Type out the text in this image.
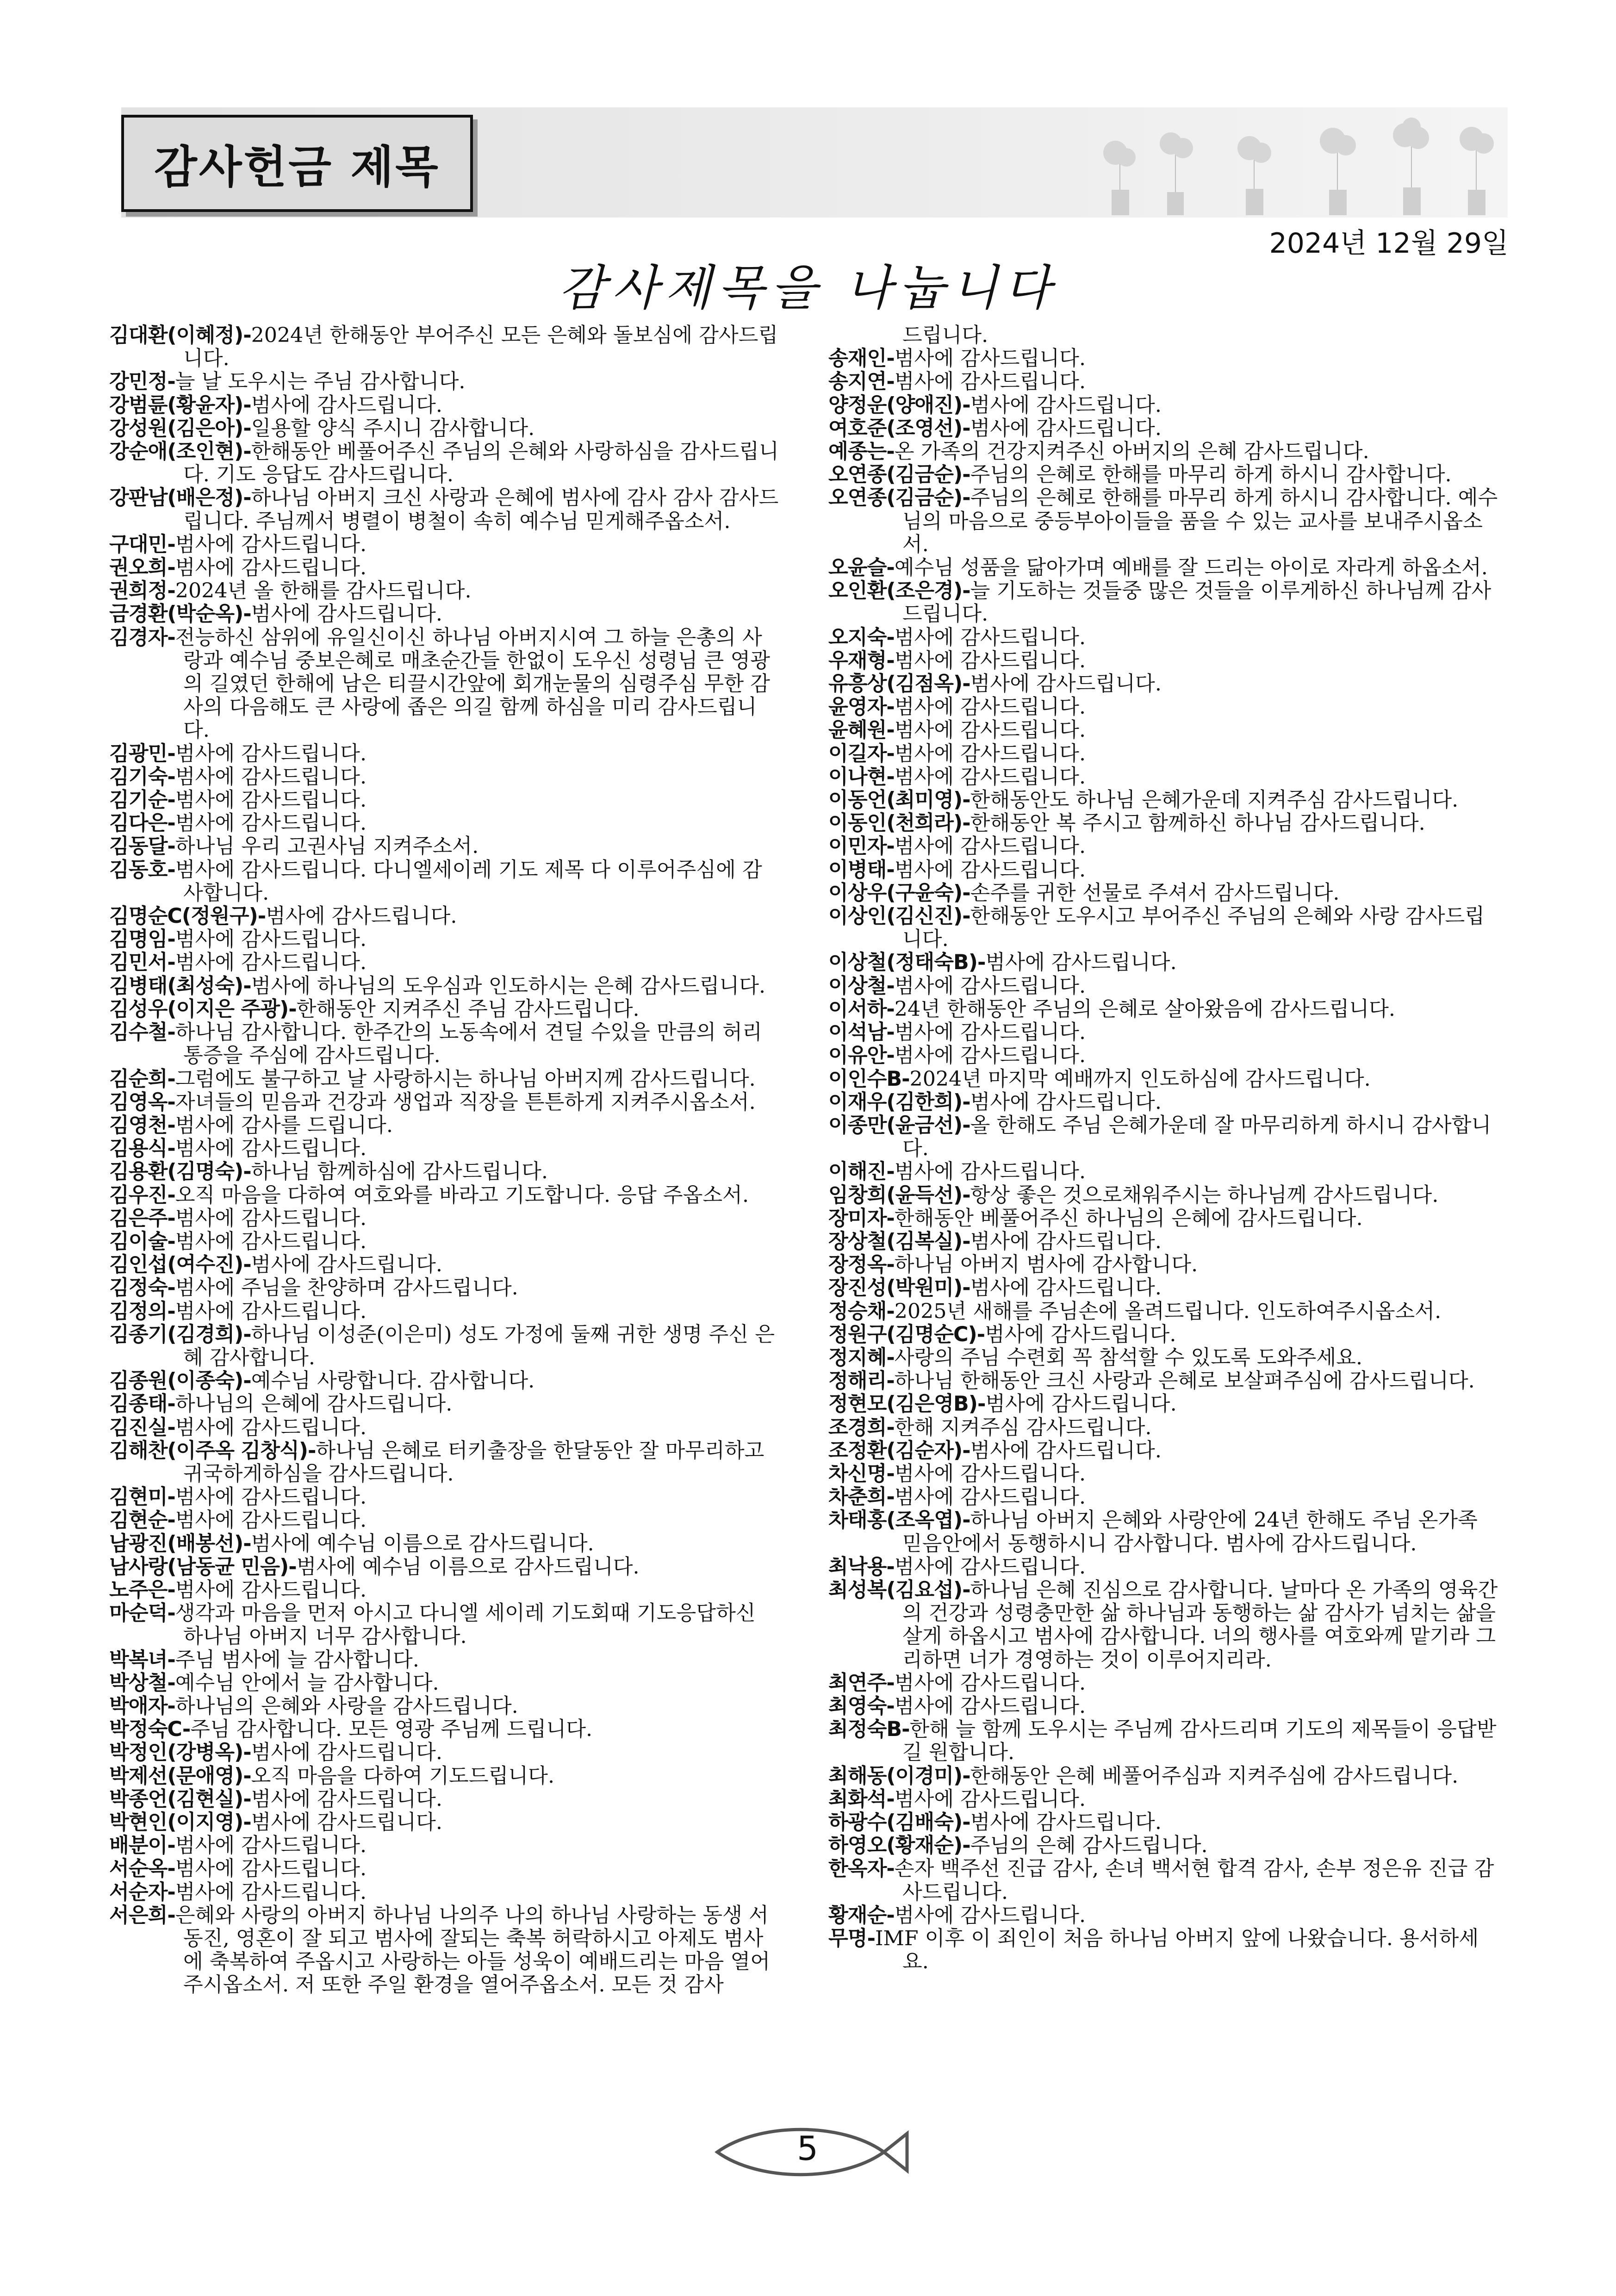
감사헌금 제목
2024년 12월 29일
감사제목을 나눕니다
김대환(이혜정)-2024년 한해동안 부어주신 모든 은혜와 돌보심에 감사드립니다.
강민정-늘 날 도우시는 주님 감사합니다.
강범륜(황윤자)-범사에 감사드립니다.
강성원(김은아)-일용할 양식 주시니 감사합니다.
강순애(조인현)-한해동안 베풀어주신 주님의 은혜와 사랑하심을 감사드립니다. 기도 응답도 감사드립니다.
강판남(배은정)-하나님 아버지 크신 사랑과 은혜에 범사에 감사 감사 감사드립니다. 주님께서 병렬이 병철이 속히 예수님 믿게해주옵소서.
구대민-범사에 감사드립니다.
권오희-범사에 감사드립니다.
권희정-2024년 올 한해를 감사드립니다.
금경환(박순옥)-범사에 감사드립니다.
김경자-전능하신 삼위에 유일신이신 하나님 아버지시여 그 하늘 은총의 사랑과 예수님 중보은혜로 매초순간들 한없이 도우신 성령님 큰 영광의 길였던 한해에 남은 티끌시간앞에 회개눈물의 심령주심 무한 감사의 다음해도 큰 사랑에 좁은 의길 함께 하심을 미리 감사드립니다.
김광민-범사에 감사드립니다.
김기숙-범사에 감사드립니다.
김기순-범사에 감사드립니다.
김다은-범사에 감사드립니다.
김동달-하나님 우리 고권사님 지켜주소서.
김동호-범사에 감사드립니다. 다니엘세이레 기도 제목 다 이루어주심에 감사합니다.
김명순C(정원구)-범사에 감사드립니다.
김명임-범사에 감사드립니다.
김민서-범사에 감사드립니다.
김병태(최성숙)-범사에 하나님의 도우심과 인도하시는 은혜 감사드립니다.
김성우(이지은 주광)-한해동안 지켜주신 주님 감사드립니다.
김수철-하나님 감사합니다. 한주간의 노동속에서 견딜 수있을 만큼의 허리 통증을 주심에 감사드립니다.
김순희-그럼에도 불구하고 날 사랑하시는 하나님 아버지께 감사드립니다.
김영옥-자녀들의 믿음과 건강과 생업과 직장을 튼튼하게 지켜주시옵소서.
김영천-범사에 감사를 드립니다.
김용식-범사에 감사드립니다.
김용환(김명숙)-하나님 함께하심에 감사드립니다.
김우진-오직 마음을 다하여 여호와를 바라고 기도합니다. 응답 주옵소서.
김은주-범사에 감사드립니다.
김이술-범사에 감사드립니다.
김인섭(여수진)-범사에 감사드립니다.
김정숙-범사에 주님을 찬양하며 감사드립니다.
김정의-범사에 감사드립니다.
김종기(김경희)-하나님 이성준(이은미) 성도 가정에 둘째 귀한 생명 주신 은혜 감사합니다.
김종원(이종숙)-예수님 사랑합니다. 감사합니다.
김종태-하나님의 은혜에 감사드립니다.
김진실-범사에 감사드립니다.
김해찬(이주옥 김창식)-하나님 은혜로 터키출장을 한달동안 잘 마무리하고 귀국하게하심을 감사드립니다.
김현미-범사에 감사드립니다.
김현순-범사에 감사드립니다.
남광진(배봉선)-범사에 예수님 이름으로 감사드립니다.
남사랑(남동균 민음)-범사에 예수님 이름으로 감사드립니다.
노주은-범사에 감사드립니다.
마순덕-생각과 마음을 먼저 아시고 다니엘 세이레 기도회때 기도응답하신 하나님 아버지 너무 감사합니다.
박복녀-주님 범사에 늘 감사합니다.
박상철-예수님 안에서 늘 감사합니다.
박애자-하나님의 은혜와 사랑을 감사드립니다.
박정숙C-주님 감사합니다. 모든 영광 주님께 드립니다.
박정인(강병옥)-범사에 감사드립니다.
박제선(문애영)-오직 마음을 다하여 기도드립니다.
박종언(김현실)-범사에 감사드립니다.
박현인(이지영)-범사에 감사드립니다.
배분이-범사에 감사드립니다.
서순옥-범사에 감사드립니다.
서순자-범사에 감사드립니다.
서은희-은혜와 사랑의 아버지 하나님 나의주 나의 하나님 사랑하는 동생 서동진, 영혼이 잘 되고 범사에 잘되는 축복 허락하시고 아제도 범사에 축복하여 주옵시고 사랑하는 아들 성욱이 예배드리는 마음 열어주시옵소서. 저 또한 주일 환경을 열어주옵소서. 모든 것 감사
드립니다.
송재인-범사에 감사드립니다.
송지연-범사에 감사드립니다.
양정운(양애진)-범사에 감사드립니다.
여호준(조영선)-범사에 감사드립니다.
예종는-온 가족의 건강지켜주신 아버지의 은혜 감사드립니다.
오연종(김금순)-주님의 은혜로 한해를 마무리 하게 하시니 감사합니다.
오연종(김금순)-주님의 은혜로 한해를 마무리 하게 하시니 감사합니다. 예수님의 마음으로 중등부아이들을 품을 수 있는 교사를 보내주시옵소서.
오윤슬-예수님 성품을 닮아가며 예배를 잘 드리는 아이로 자라게 하옵소서.
오인환(조은경)-늘 기도하는 것들중 많은 것들을 이루게하신 하나님께 감사드립니다.
오지숙-범사에 감사드립니다.
우재형-범사에 감사드립니다.
유흥상(김점옥)-범사에 감사드립니다.
윤영자-범사에 감사드립니다.
윤혜원-범사에 감사드립니다.
이길자-범사에 감사드립니다.
이나현-범사에 감사드립니다.
이동언(최미영)-한해동안도 하나님 은혜가운데 지켜주심 감사드립니다.
이동인(천희라)-한해동안 복 주시고 함께하신 하나님 감사드립니다.
이민자-범사에 감사드립니다.
이병태-범사에 감사드립니다.
이상우(구윤숙)-손주를 귀한 선물로 주셔서 감사드립니다.
이상인(김신진)-한해동안 도우시고 부어주신 주님의 은혜와 사랑 감사드립니다.
이상철(정태숙B)-범사에 감사드립니다.
이상철-범사에 감사드립니다.
이서하-24년 한해동안 주님의 은혜로 살아왔음에 감사드립니다.
이석남-범사에 감사드립니다.
이유안-범사에 감사드립니다.
이인수B-2024년 마지막 예배까지 인도하심에 감사드립니다.
이재우(김한희)-범사에 감사드립니다.
이종만(윤금선)-올 한해도 주님 은혜가운데 잘 마무리하게 하시니 감사합니다.
이해진-범사에 감사드립니다.
임창희(윤득선)-항상 좋은 것으로채워주시는 하나님께 감사드립니다.
장미자-한해동안 베풀어주신 하나님의 은혜에 감사드립니다.
장상철(김복실)-범사에 감사드립니다.
장정옥-하나님 아버지 범사에 감사합니다.
장진성(박원미)-범사에 감사드립니다.
정승채-2025년 새해를 주님손에 올려드립니다. 인도하여주시옵소서.
정원구(김명순C)-범사에 감사드립니다.
정지혜-사랑의 주님 수련회 꼭 참석할 수 있도록 도와주세요.
정해리-하나님 한해동안 크신 사랑과 은혜로 보살펴주심에 감사드립니다.
정현모(김은영B)-범사에 감사드립니다.
조경희-한해 지켜주심 감사드립니다.
조정환(김순자)-범사에 감사드립니다.
차신명-범사에 감사드립니다.
차춘희-범사에 감사드립니다.
차태홍(조옥엽)-하나님 아버지 은혜와 사랑안에 24년 한해도 주님 온가족 믿음안에서 동행하시니 감사합니다. 범사에 감사드립니다.
최낙용-범사에 감사드립니다.
최성복(김요섭)-하나님 은혜 진심으로 감사합니다. 날마다 온 가족의 영육간의 건강과 성령충만한 삶 하나님과 동행하는 삶 감사가 넘치는 삶을 살게 하옵시고 범사에 감사합니다. 너의 행사를 여호와께 맡기라 그리하면 너가 경영하는 것이 이루어지리라.
최연주-범사에 감사드립니다.
최영숙-범사에 감사드립니다.
최정숙B-한해 늘 함께 도우시는 주님께 감사드리며 기도의 제목들이 응답받길 원합니다.
최해동(이경미)-한해동안 은혜 베풀어주심과 지켜주심에 감사드립니다.
최화석-범사에 감사드립니다.
하광수(김배숙)-범사에 감사드립니다.
하영오(황재순)-주님의 은혜 감사드립니다.
한옥자-손자 백주선 진급 감사, 손녀 백서현 합격 감사, 손부 정은유 진급 감사드립니다.
황재순-범사에 감사드립니다.
무명-IMF 이후 이 죄인이 처음 하나님 아버지 앞에 나왔습니다. 용서하세요.
5
